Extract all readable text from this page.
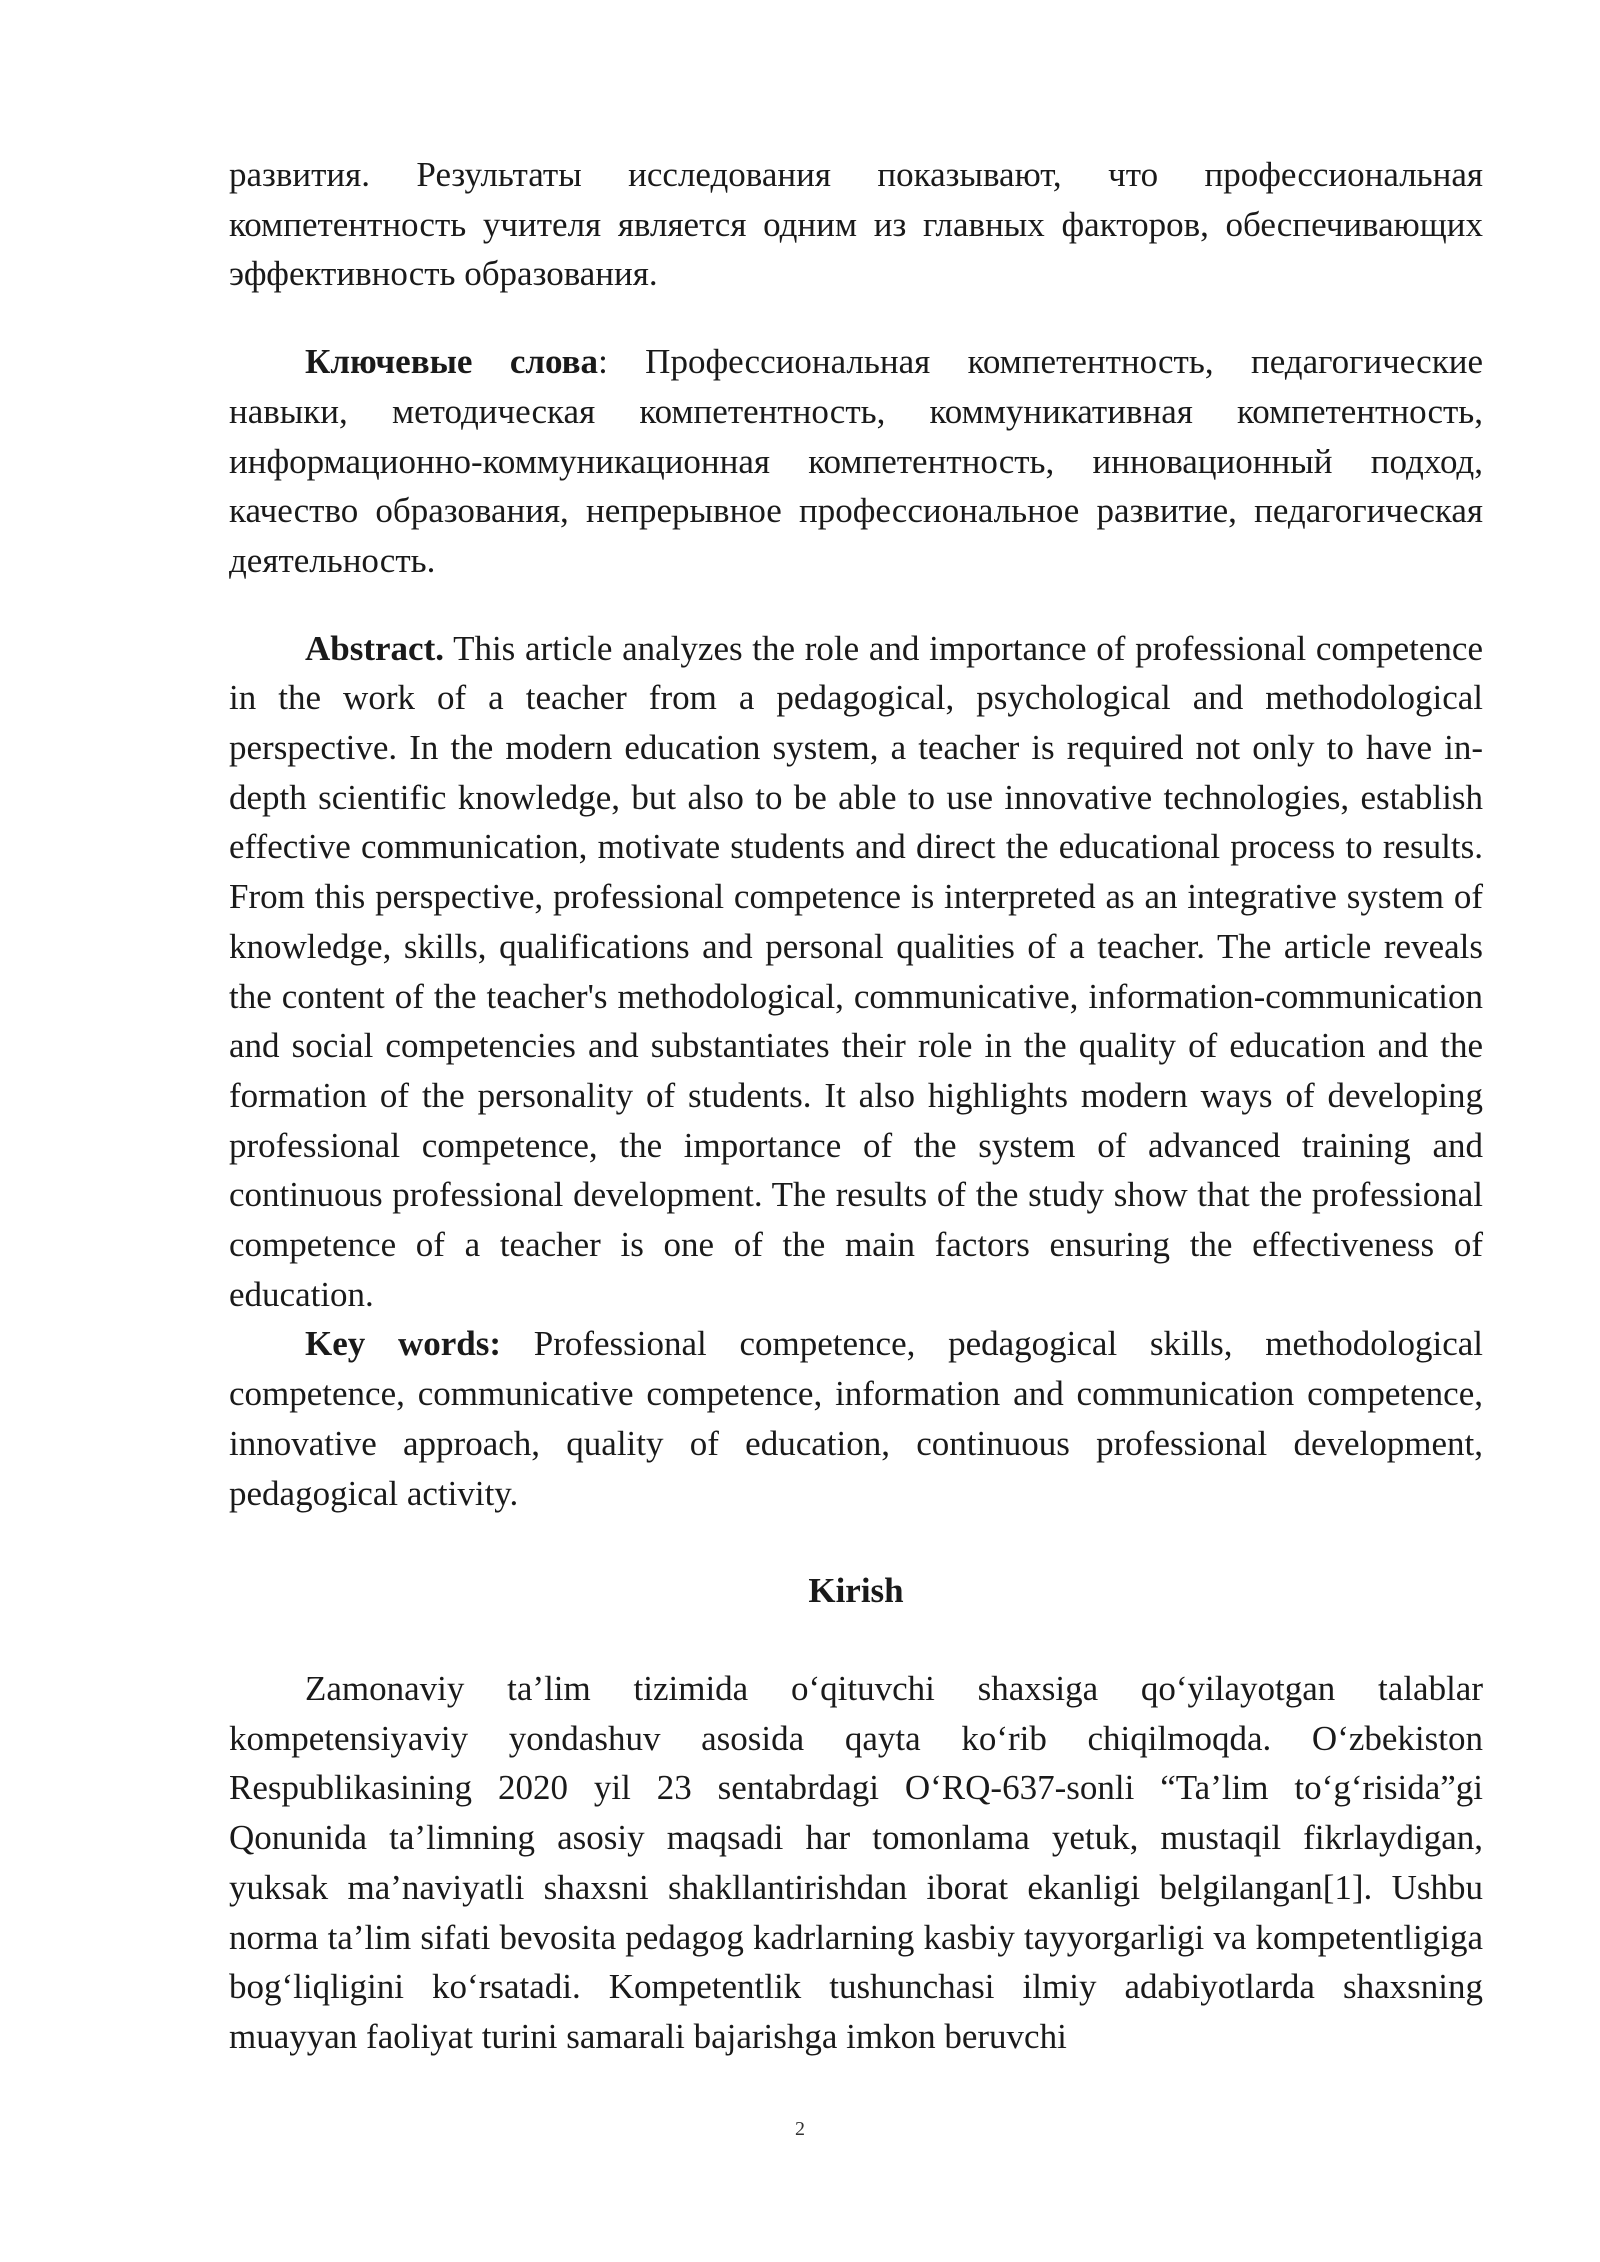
развития. Результаты исследования показывают, что профессиональная компетентность учителя является одним из главных факторов, обеспечивающих эффективность образования.

Ключевые слова: Профессиональная компетентность, педагогические навыки, методическая компетентность, коммуникативная компетентность, информационно-коммуникационная компетентность, инновационный подход, качество образования, непрерывное профессиональное развитие, педагогическая деятельность.

Abstract. This article analyzes the role and importance of professional competence in the work of a teacher from a pedagogical, psychological and methodological perspective. In the modern education system, a teacher is required not only to have in-depth scientific knowledge, but also to be able to use innovative technologies, establish effective communication, motivate students and direct the educational process to results. From this perspective, professional competence is interpreted as an integrative system of knowledge, skills, qualifications and personal qualities of a teacher. The article reveals the content of the teacher's methodological, communicative, information-communication and social competencies and substantiates their role in the quality of education and the formation of the personality of students. It also highlights modern ways of developing professional competence, the importance of the system of advanced training and continuous professional development. The results of the study show that the professional competence of a teacher is one of the main factors ensuring the effectiveness of education.

Key words: Professional competence, pedagogical skills, methodological competence, communicative competence, information and communication competence, innovative approach, quality of education, continuous professional development, pedagogical activity.

Kirish

Zamonaviy ta’lim tizimida o‘qituvchi shaxsiga qo‘yilayotgan talablar kompetensiyaviy yondashuv asosida qayta ko‘rib chiqilmoqda. O‘zbekiston Respublikasining 2020 yil 23 sentabrdagi O‘RQ-637-sonli “Ta’lim to‘g‘risida”gi Qonunida ta’limning asosiy maqsadi har tomonlama yetuk, mustaqil fikrlaydigan, yuksak ma’naviyatli shaxsni shakllantirishdan iborat ekanligi belgilangan[1]. Ushbu norma ta’lim sifati bevosita pedagog kadrlarning kasbiy tayyorgarligi va kompetentligiga bog‘liqligini ko‘rsatadi. Kompetentlik tushunchasi ilmiy adabiyotlarda shaxsning muayyan faoliyat turini samarali bajarishga imkon beruvchi

2
